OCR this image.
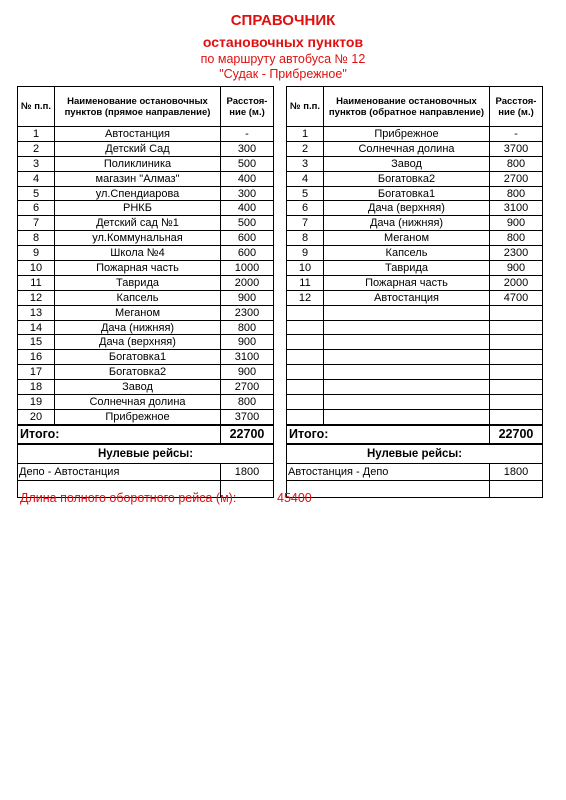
СПРАВОЧНИК
остановочных пунктов
по маршруту автобуса № 12
"Судак - Прибрежное"
№ п.п.	Наименование остановочных пунктов (прямое направление)	Расстоя-ние (м.)
1	Автостанция	-
2	Детский Сад	300
3	Поликлиника	500
4	магазин "Алмаз"	400
5	ул.Спендиарова	300
6	РНКБ	400
7	Детский сад №1	500
8	ул.Коммунальная	600
9	Школа №4	600
10	Пожарная часть	1000
11	Таврида	2000
12	Капсель	900
13	Меганом	2300
14	Дача (нижняя)	800
15	Дача (верхняя)	900
16	Богатовка1	3100
17	Богатовка2	900
18	Завод	2700
19	Солнечная долина	800
20	Прибрежное	3700
Итого:		22700
Нулевые рейсы:		
Депо - Автостанция		1800

№ п.п.	Наименование остановочных пунктов (обратное направление)	Расстоя-ние (м.)
1	Прибрежное	-
2	Солнечная долина	3700
3	Завод	800
4	Богатовка2	2700
5	Богатовка1	800
6	Дача (верхняя)	3100
7	Дача (нижняя)	900
8	Меганом	800
9	Капсель	2300
10	Таврида	900
11	Пожарная часть	2000
12	Автостанция	4700

Итого:		22700
Нулевые рейсы:		
Автостанция - Депо		1800

Длина полного оборотного рейса (м):	45400
